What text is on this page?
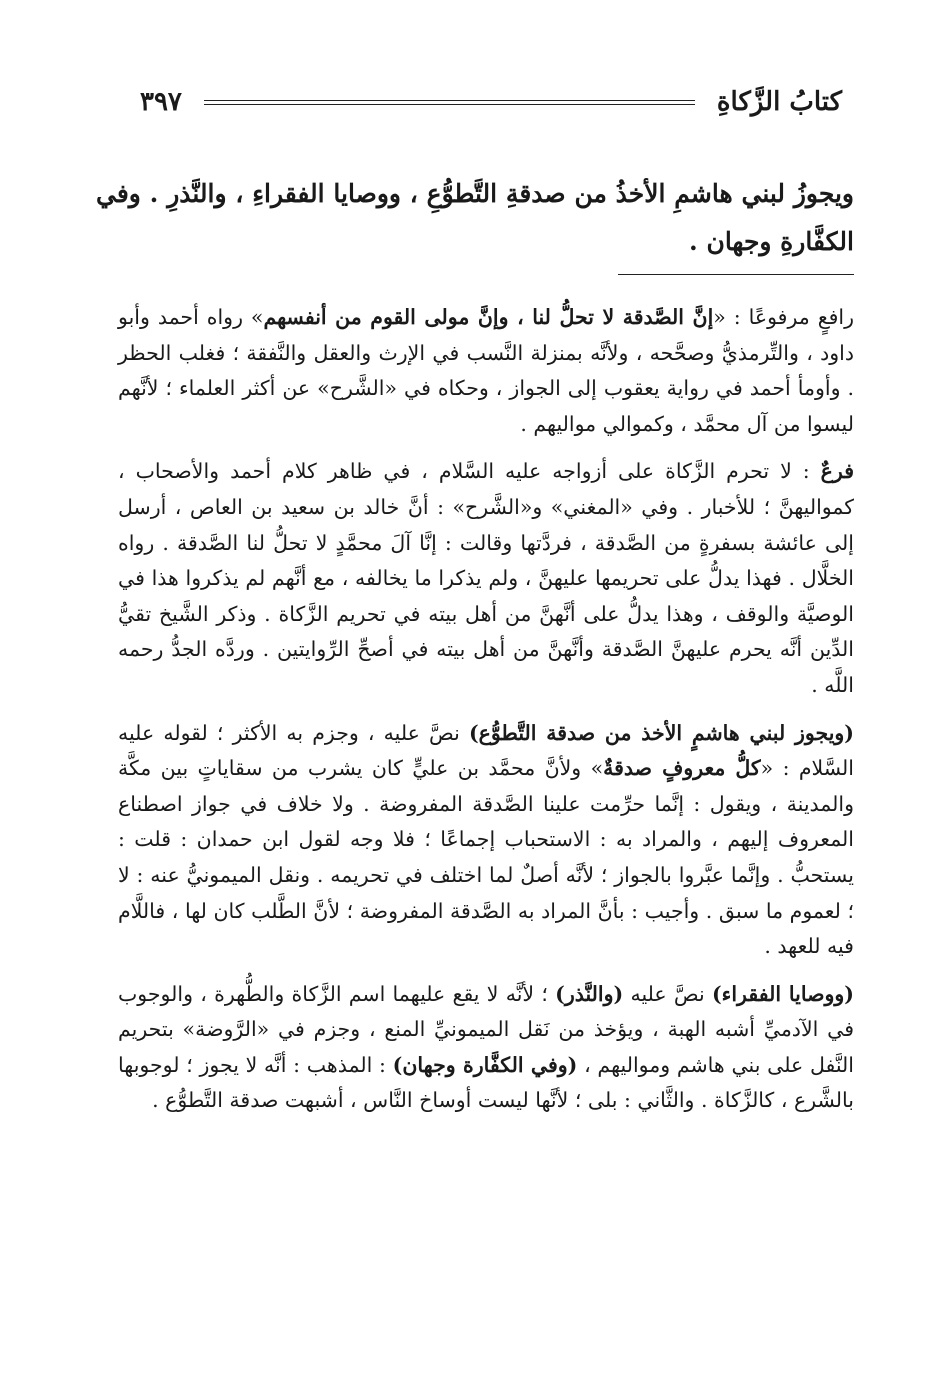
كتابُ الزَّكاةِ
٣٩٧

ويجوزُ لبني هاشمِ الأخذُ من صدقةِ التَّطوُّعِ ، ووصايا الفقراءِ ، والنَّذرِ . وفي الكفَّارةِ وجهان .

رافعٍ مرفوعًا : «إنَّ الصَّدقة لا تحلُّ لنا ، وإنَّ مولى القوم من أنفسهم» رواه أحمد وأبو داود ، والتِّرمذيُّ وصحَّحه ، ولأنَّه بمنزلة النَّسب في الإرث والعقل والنَّفقة ؛ فغلب الحظر . وأومأ أحمد في رواية يعقوب إلى الجواز ، وحكاه في «الشَّرح» عن أكثر العلماء ؛ لأنَّهم ليسوا من آل محمَّد ، وكموالي مواليهم .

فرعٌ : لا تحرم الزَّكاة على أزواجه عليه السَّلام ، في ظاهر كلام أحمد والأصحاب ، كمواليهنَّ ؛ للأخبار . وفي «المغني» و«الشَّرح» : أنَّ خالد بن سعيد بن العاص ، أرسل إلى عائشة بسفرةٍ من الصَّدقة ، فردَّتها وقالت : إنَّا آلَ محمَّدٍ لا تحلُّ لنا الصَّدقة . رواه الخلَّال . فهذا يدلُّ على تحريمها عليهنَّ ، ولم يذكرا ما يخالفه ، مع أنَّهم لم يذكروا هذا في الوصيَّة والوقف ، وهذا يدلُّ على أنَّهنَّ من أهل بيته في تحريم الزَّكاة . وذكر الشَّيخ تقيُّ الدِّين أنَّه يحرم عليهنَّ الصَّدقة وأنَّهنَّ من أهل بيته في أصحِّ الرِّوايتين . وردَّه الجدُّ رحمه اللَّه .

(ويجوز لبني هاشمٍ الأخذ من صدقة التَّطوُّع) نصَّ عليه ، وجزم به الأكثر ؛ لقوله عليه السَّلام : «كلُّ معروفٍ صدقةٌ» ولأنَّ محمَّد بن عليٍّ كان يشرب من سقاياتٍ بين مكَّة والمدينة ، ويقول : إنَّما حرِّمت علينا الصَّدقة المفروضة . ولا خلاف في جواز اصطناع المعروف إليهم ، والمراد به : الاستحباب إجماعًا ؛ فلا وجه لقول ابن حمدان : قلت : يستحبُّ . وإنَّما عبَّروا بالجواز ؛ لأنَّه أصلٌ لما اختلف في تحريمه . ونقل الميمونيُّ عنه : لا ؛ لعموم ما سبق . وأجيب : بأنَّ المراد به الصَّدقة المفروضة ؛ لأنَّ الطَّلب كان لها ، فاللَّام فيه للعهد .

(ووصايا الفقراء) نصَّ عليه (والنَّذر) ؛ لأنَّه لا يقع عليهما اسم الزَّكاة والطُّهرة ، والوجوب في الآدميِّ أشبه الهبة ، ويؤخذ من نَقل الميمونيِّ المنع ، وجزم في «الرَّوضة» بتحريم النَّفل على بني هاشم ومواليهم ، (وفي الكفَّارة وجهان) : المذهب : أنَّه لا يجوز ؛ لوجوبها بالشَّرع ، كالزَّكاة . والثَّاني : بلى ؛ لأنَّها ليست أوساخ النَّاس ، أشبهت صدقة التَّطوُّع .
